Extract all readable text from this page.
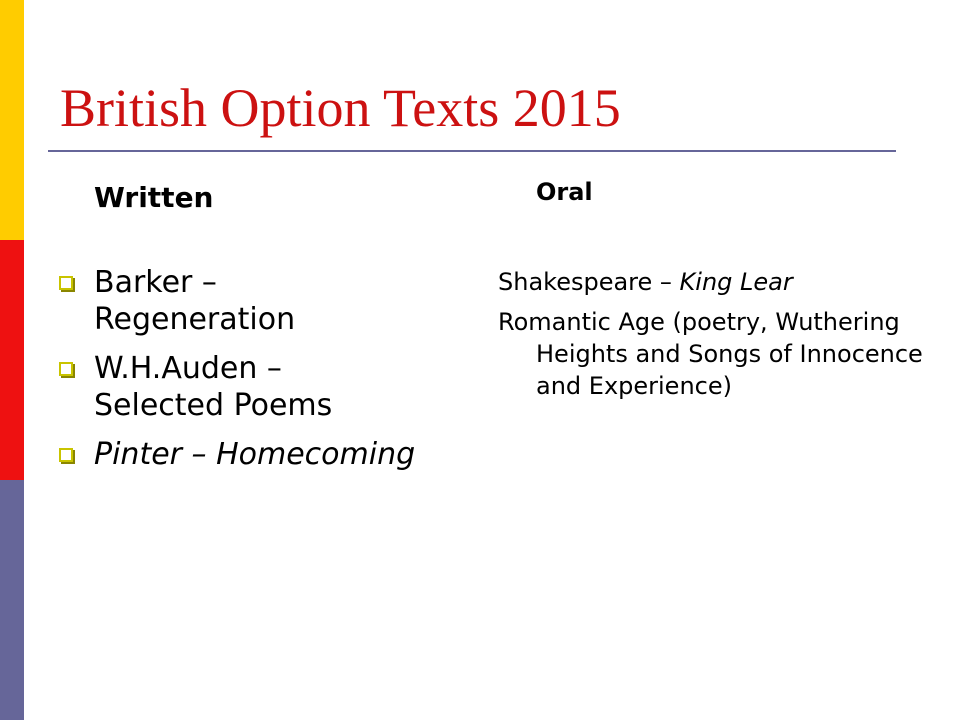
British Option Texts 2015
Written
Barker – Regeneration
W.H.Auden – Selected Poems
Pinter – Homecoming
Oral

Shakespeare – King Lear

Romantic Age (poetry, Wuthering Heights and Songs of Innocence and Experience)
